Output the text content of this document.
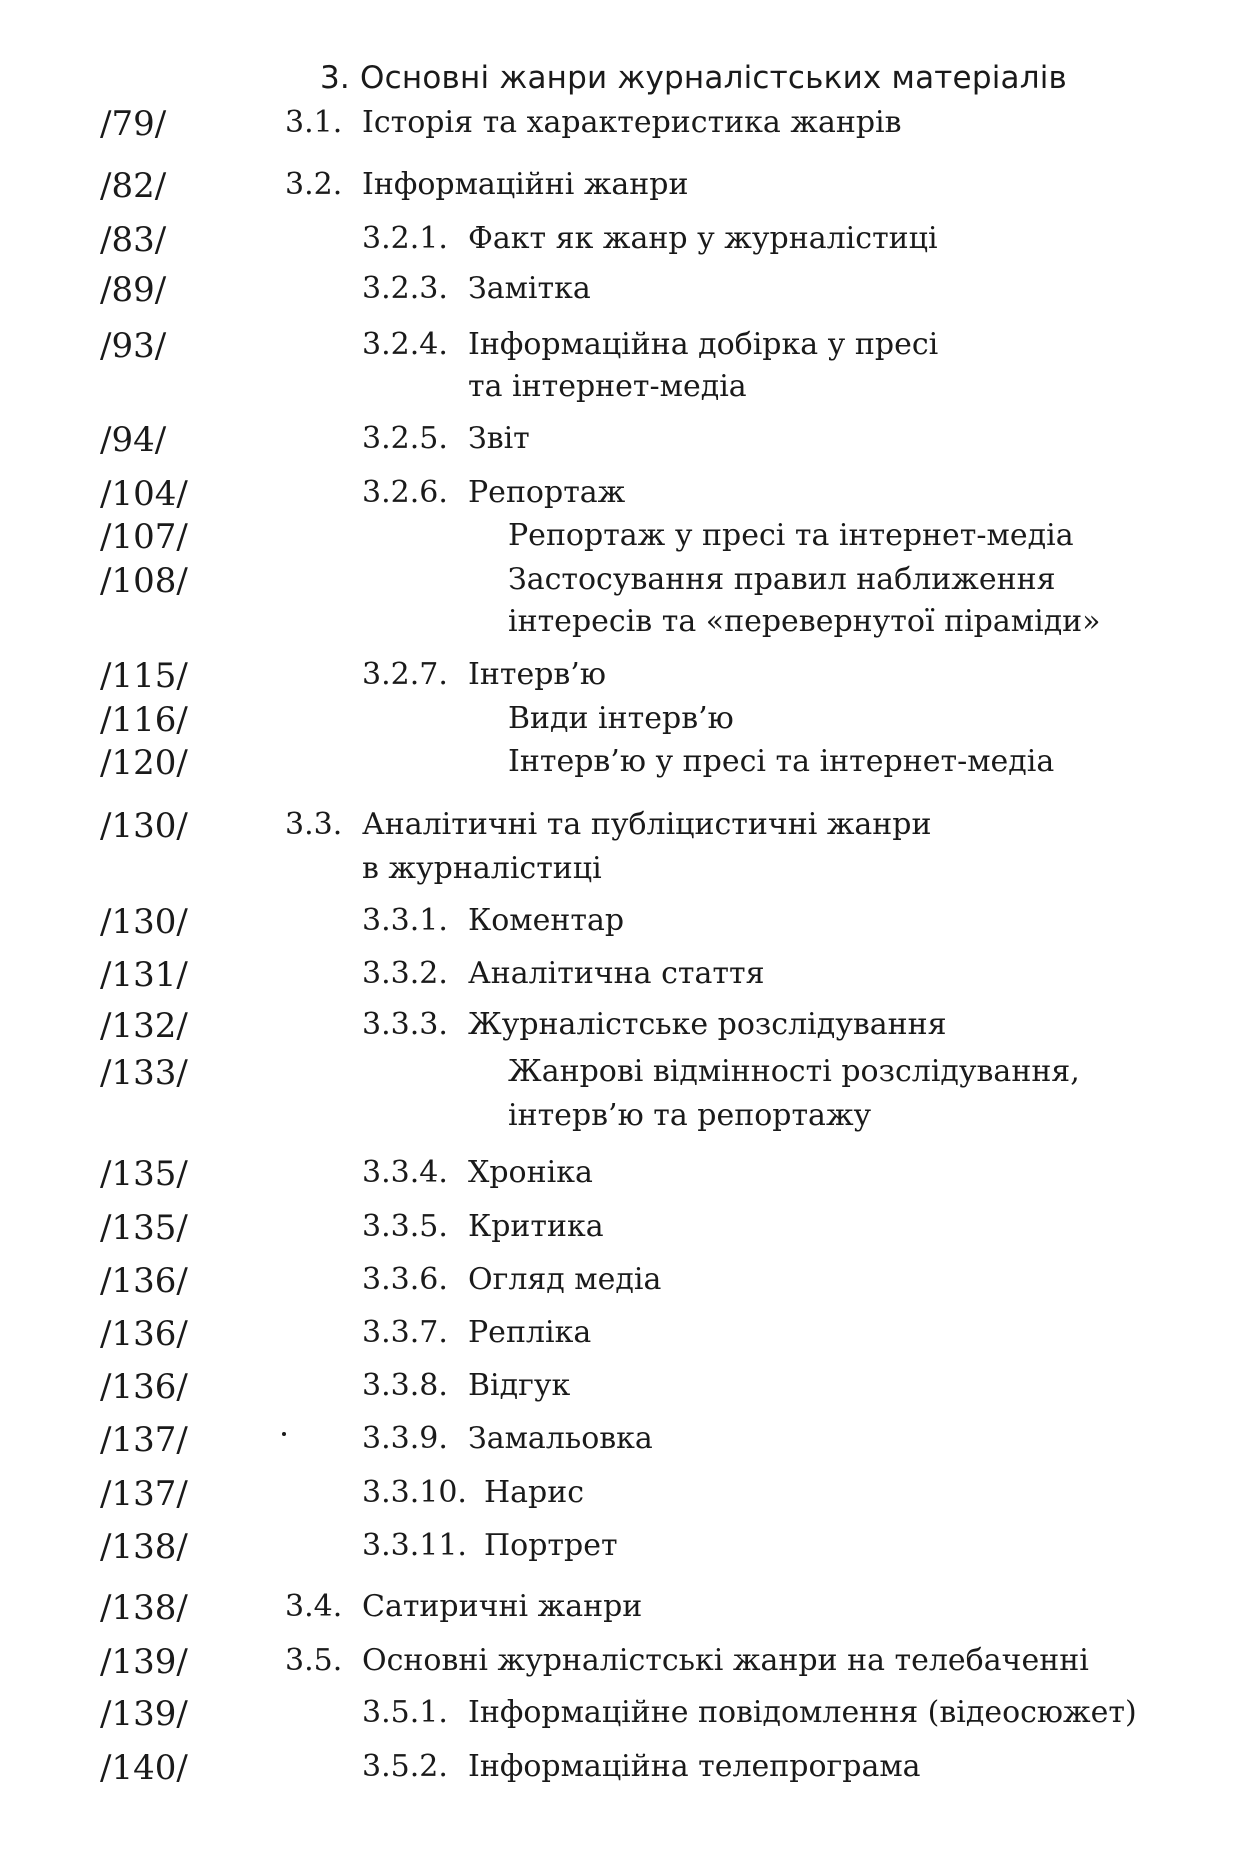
3. Основні жанри журналістських матеріалів
/79/	3.1. Історія та характеристика жанрів
/82/	3.2. Інформаційні жанри
/83/	3.2.1. Факт як жанр у журналістиці
/89/	3.2.3. Замітка
/93/	3.2.4. Інформаційна добірка у пресі
та інтернет-медіа
/94/	3.2.5. Звіт
/104/	3.2.6. Репортаж
/107/	Репортаж у пресі та інтернет-медіа
/108/	Застосування правил наближення
інтересів та «перевернутої піраміди»
/115/	3.2.7. Інтерв’ю
/116/	Види інтерв’ю
/120/	Інтерв’ю у пресі та інтернет-медіа
/130/	3.3. Аналітичні та публіцистичні жанри
в журналістиці
/130/	3.3.1. Коментар
/131/	3.3.2. Аналітична стаття
/132/	3.3.3. Журналістське розслідування
/133/	Жанрові відмінності розслідування,
інтерв’ю та репортажу
/135/	3.3.4. Хроніка
/135/	3.3.5. Критика
/136/	3.3.6. Огляд медіа
/136/	3.3.7. Репліка
/136/	3.3.8. Відгук
/137/	3.3.9. Замальовка
/137/	3.3.10. Нарис
/138/	3.3.11. Портрет
/138/	3.4. Сатиричні жанри
/139/	3.5. Основні журналістські жанри на телебаченні
/139/	3.5.1. Інформаційне повідомлення (відеосюжет)
/140/	3.5.2. Інформаційна телепрограма
